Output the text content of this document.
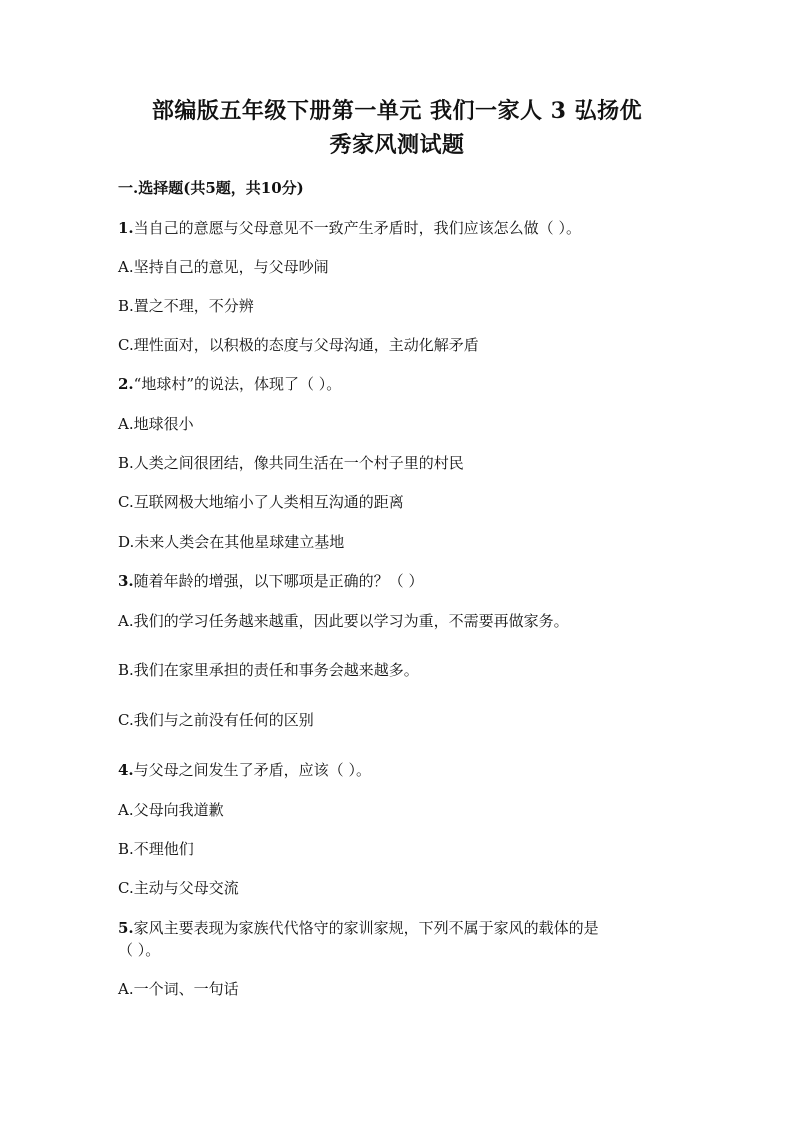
部编版五年级下册第一单元 我们一家人 3 弘扬优
秀家风测试题
一.选择题(共5题，共10分)
1.当自己的意愿与父母意见不一致产生矛盾时，我们应该怎么做（ ）。
A.坚持自己的意见，与父母吵闹
B.置之不理，不分辨
C.理性面对，以积极的态度与父母沟通，主动化解矛盾
2.“地球村”的说法，体现了（ ）。
A.地球很小
B.人类之间很团结，像共同生活在一个村子里的村民
C.互联网极大地缩小了人类相互沟通的距离
D.未来人类会在其他星球建立基地
3.随着年龄的增强，以下哪项是正确的？（ ）
A.我们的学习任务越来越重，因此要以学习为重，不需要再做家务。
B.我们在家里承担的责任和事务会越来越多。
C.我们与之前没有任何的区别
4.与父母之间发生了矛盾，应该（ ）。
A.父母向我道歉
B.不理他们
C.主动与父母交流
5.家风主要表现为家族代代恪守的家训家规，下列不属于家风的载体的是
（ ）。
A.一个词、一句话
